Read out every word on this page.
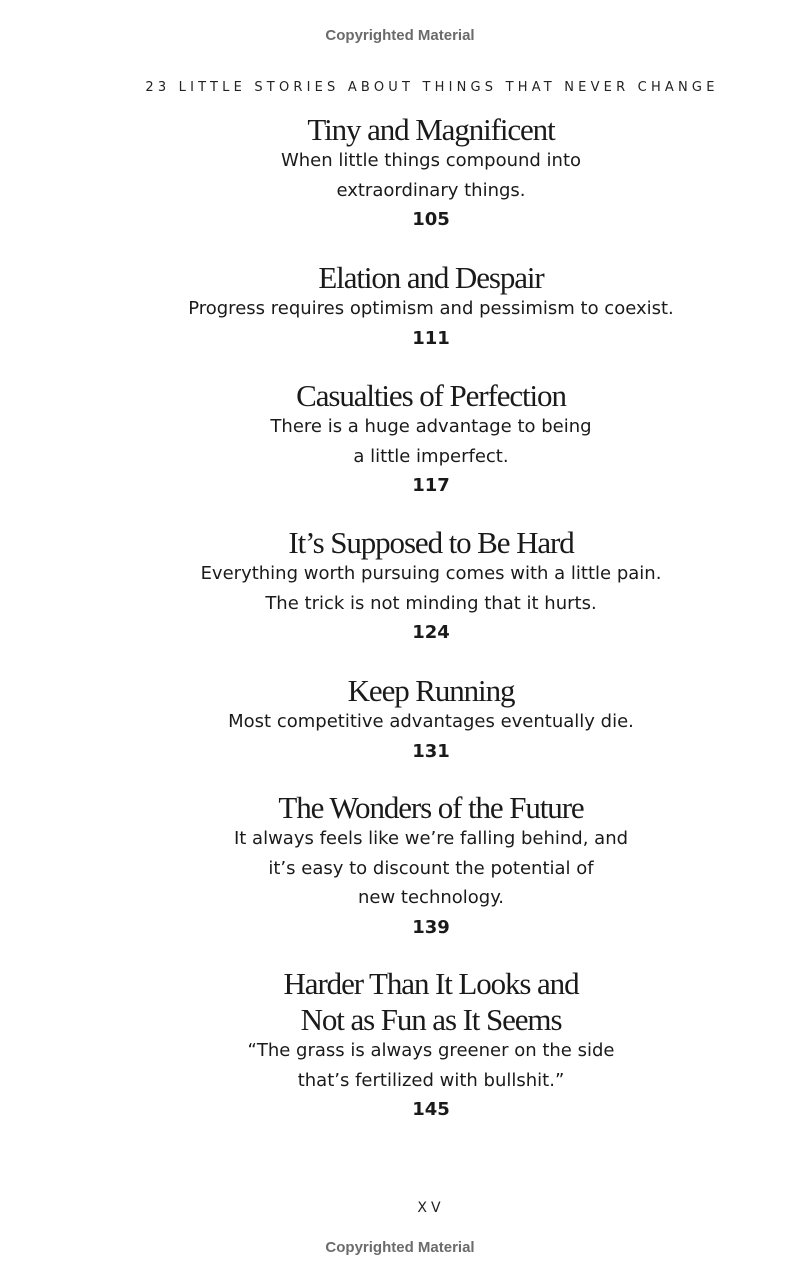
Copyrighted Material
23 LITTLE STORIES ABOUT THINGS THAT NEVER CHANGE
Tiny and Magnificent
When little things compound into
extraordinary things.
105
Elation and Despair
Progress requires optimism and pessimism to coexist.
111
Casualties of Perfection
There is a huge advantage to being
a little imperfect.
117
It’s Supposed to Be Hard
Everything worth pursuing comes with a little pain.
The trick is not minding that it hurts.
124
Keep Running
Most competitive advantages eventually die.
131
The Wonders of the Future
It always feels like we’re falling behind, and
it’s easy to discount the potential of
new technology.
139
Harder Than It Looks and
Not as Fun as It Seems
“The grass is always greener on the side
that’s fertilized with bullshit.”
145
XV
Copyrighted Material
